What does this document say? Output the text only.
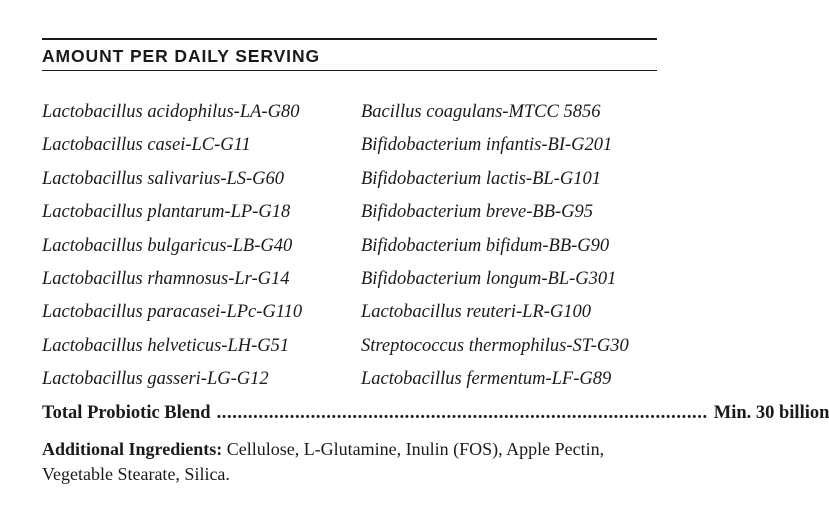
AMOUNT PER DAILY SERVING
Lactobacillus acidophilus-LA-G80
Lactobacillus casei-LC-G11
Lactobacillus salivarius-LS-G60
Lactobacillus plantarum-LP-G18
Lactobacillus bulgaricus-LB-G40
Lactobacillus rhamnosus-Lr-G14
Lactobacillus paracasei-LPc-G110
Lactobacillus helveticus-LH-G51
Lactobacillus gasseri-LG-G12
Bacillus coagulans-MTCC 5856
Bifidobacterium infantis-BI-G201
Bifidobacterium lactis-BL-G101
Bifidobacterium breve-BB-G95
Bifidobacterium bifidum-BB-G90
Bifidobacterium longum-BL-G301
Lactobacillus reuteri-LR-G100
Streptococcus thermophilus-ST-G30
Lactobacillus fermentum-LF-G89
Total Probiotic Blend .............................................................................................. Min. 30 billion

Additional Ingredients: Cellulose, L-Glutamine, Inulin (FOS), Apple Pectin, Vegetable Stearate, Silica.
